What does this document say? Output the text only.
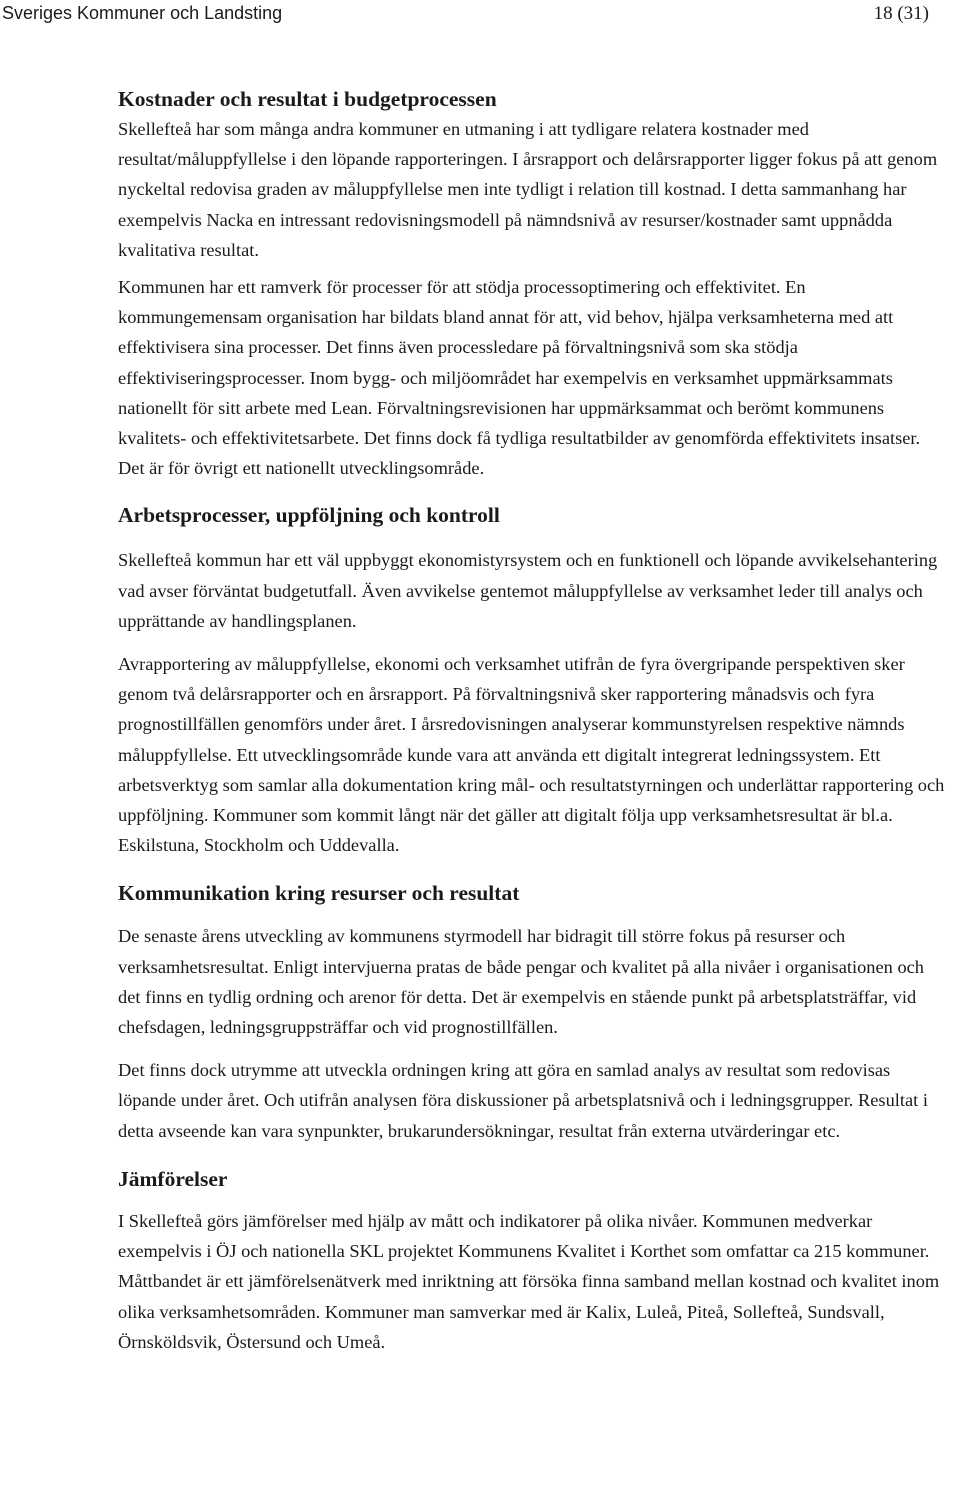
Sveriges Kommuner och Landsting	18 (31)
Kostnader och resultat i budgetprocessen

Skellefteå har som många andra kommuner en utmaning i att tydligare relatera kostnader med resultat/måluppfyllelse i den löpande rapporteringen. I årsrapport och delårsrapporter ligger fokus på att genom nyckeltal redovisa graden av måluppfyllelse men inte tydligt i relation till kostnad. I detta sammanhang har exempelvis Nacka en intressant redovisningsmodell på nämndsnivå av resurser/kostnader samt uppnådda kvalitativa resultat.

Kommunen har ett ramverk för processer för att stödja processoptimering och effektivitet. En kommungemensam organisation har bildats bland annat för att, vid behov, hjälpa verksamheterna med att effektivisera sina processer. Det finns även processledare på förvaltningsnivå som ska stödja effektiviseringsprocesser. Inom bygg- och miljöområdet har exempelvis en verksamhet uppmärksammats nationellt för sitt arbete med Lean. Förvaltningsrevisionen har uppmärksammat och berömt kommunens kvalitets- och effektivitetsarbete. Det finns dock få tydliga resultatbilder av genomförda effektivitets insatser. Det är för övrigt ett nationellt utvecklingsområde.

Arbetsprocesser, uppföljning och kontroll

Skellefteå kommun har ett väl uppbyggt ekonomistyrsystem och en funktionell och löpande avvikelsehantering vad avser förväntat budgetutfall. Även avvikelse gentemot måluppfyllelse av verksamhet leder till analys och upprättande av handlingsplanen.

Avrapportering av måluppfyllelse, ekonomi och verksamhet utifrån de fyra övergripande perspektiven sker genom två delårsrapporter och en årsrapport. På förvaltningsnivå sker rapportering månadsvis och fyra prognostillfällen genomförs under året. I årsredovisningen analyserar kommunstyrelsen respektive nämnds måluppfyllelse. Ett utvecklingsområde kunde vara att använda ett digitalt integrerat ledningssystem. Ett arbetsverktyg som samlar alla dokumentation kring mål- och resultatstyrningen och underlättar rapportering och uppföljning. Kommuner som kommit långt när det gäller att digitalt följa upp verksamhetsresultat är bl.a. Eskilstuna, Stockholm och Uddevalla.

Kommunikation kring resurser och resultat

De senaste årens utveckling av kommunens styrmodell har bidragit till större fokus på resurser och verksamhetsresultat. Enligt intervjuerna pratas de både pengar och kvalitet på alla nivåer i organisationen och det finns en tydlig ordning och arenor för detta. Det är exempelvis en stående punkt på arbetsplatsträffar, vid chefsdagen, ledningsgruppsträffar och vid prognostillfällen.

Det finns dock utrymme att utveckla ordningen kring att göra en samlad analys av resultat som redovisas löpande under året. Och utifrån analysen föra diskussioner på arbetsplatsnivå och i ledningsgrupper. Resultat i detta avseende kan vara synpunkter, brukarundersökningar, resultat från externa utvärderingar etc.

Jämförelser

I Skellefteå görs jämförelser med hjälp av mått och indikatorer på olika nivåer. Kommunen medverkar exempelvis i ÖJ och nationella SKL projektet Kommunens Kvalitet i Korthet som omfattar ca 215 kommuner. Måttbandet är ett jämförelsenätverk med inriktning att försöka finna samband mellan kostnad och kvalitet inom olika verksamhetsområden. Kommuner man samverkar med är Kalix, Luleå, Piteå, Sollefteå, Sundsvall, Örnsköldsvik, Östersund och Umeå.
